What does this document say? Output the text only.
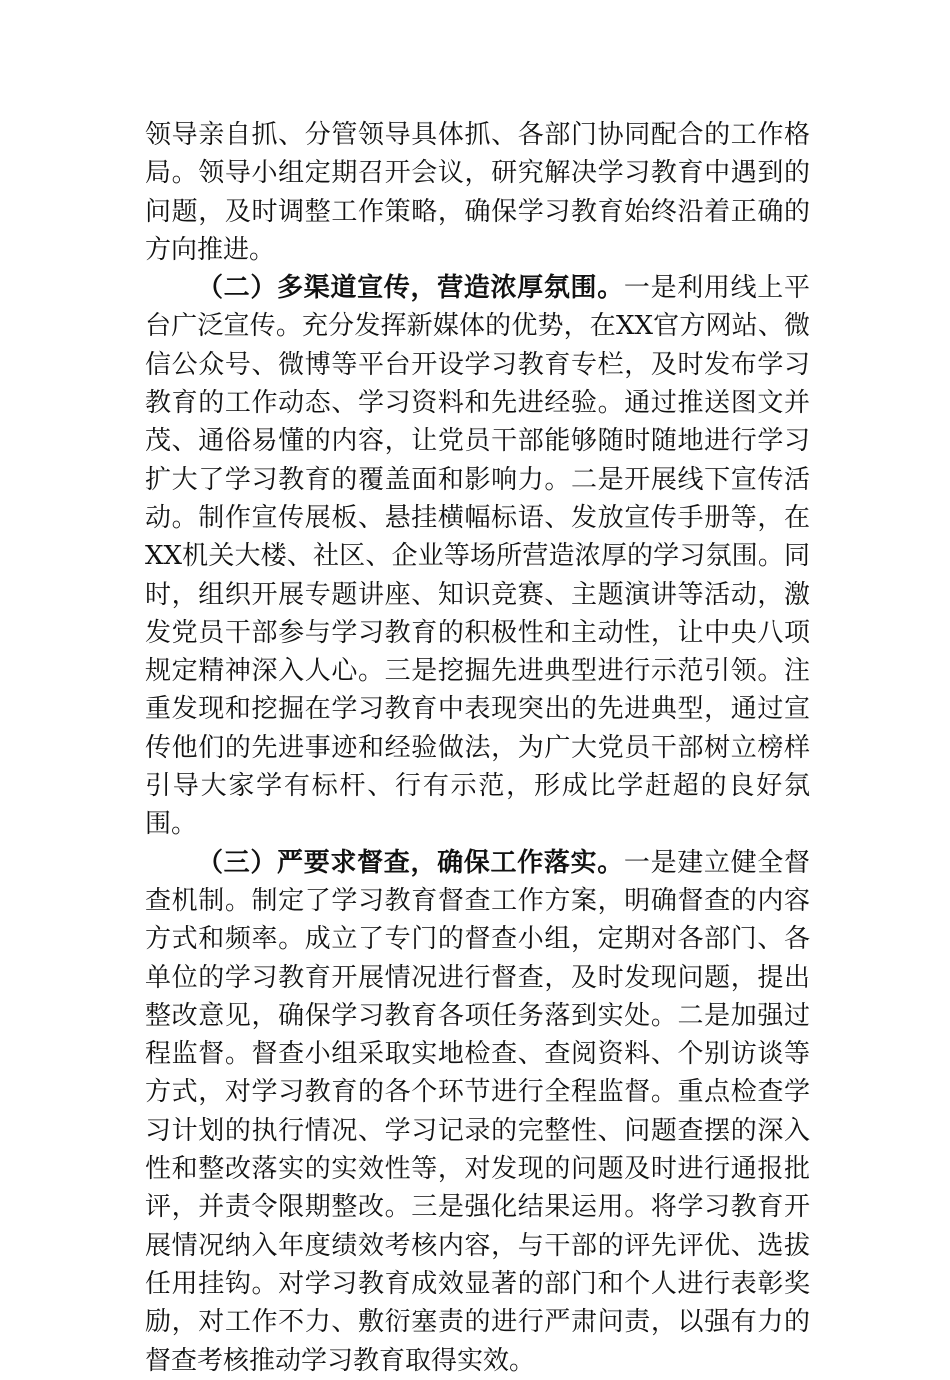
领导亲自抓、分管领导具体抓、各部门协同配合的工作格局。领导小组定期召开会议，研究解决学习教育中遇到的问题，及时调整工作策略，确保学习教育始终沿着正确的方向推进。

（二）多渠道宣传，营造浓厚氛围。一是利用线上平台广泛宣传。充分发挥新媒体的优势，在XX官方网站、微信公众号、微博等平台开设学习教育专栏，及时发布学习教育的工作动态、学习资料和先进经验。通过推送图文并茂、通俗易懂的内容，让党员干部能够随时随地进行学习扩大了学习教育的覆盖面和影响力。二是开展线下宣传活动。制作宣传展板、悬挂横幅标语、发放宣传手册等，在XX机关大楼、社区、企业等场所营造浓厚的学习氛围。同时，组织开展专题讲座、知识竞赛、主题演讲等活动，激发党员干部参与学习教育的积极性和主动性，让中央八项规定精神深入人心。三是挖掘先进典型进行示范引领。注重发现和挖掘在学习教育中表现突出的先进典型，通过宣传他们的先进事迹和经验做法，为广大党员干部树立榜样引导大家学有标杆、行有示范，形成比学赶超的良好氛围。

（三）严要求督查，确保工作落实。一是建立健全督查机制。制定了学习教育督查工作方案，明确督查的内容方式和频率。成立了专门的督查小组，定期对各部门、各单位的学习教育开展情况进行督查，及时发现问题，提出整改意见，确保学习教育各项任务落到实处。二是加强过程监督。督查小组采取实地检查、查阅资料、个别访谈等方式，对学习教育的各个环节进行全程监督。重点检查学习计划的执行情况、学习记录的完整性、问题查摆的深入性和整改落实的实效性等，对发现的问题及时进行通报批评，并责令限期整改。三是强化结果运用。将学习教育开展情况纳入年度绩效考核内容，与干部的评先评优、选拔任用挂钩。对学习教育成效显著的部门和个人进行表彰奖励，对工作不力、敷衍塞责的进行严肃问责，以强有力的督查考核推动学习教育取得实效。
